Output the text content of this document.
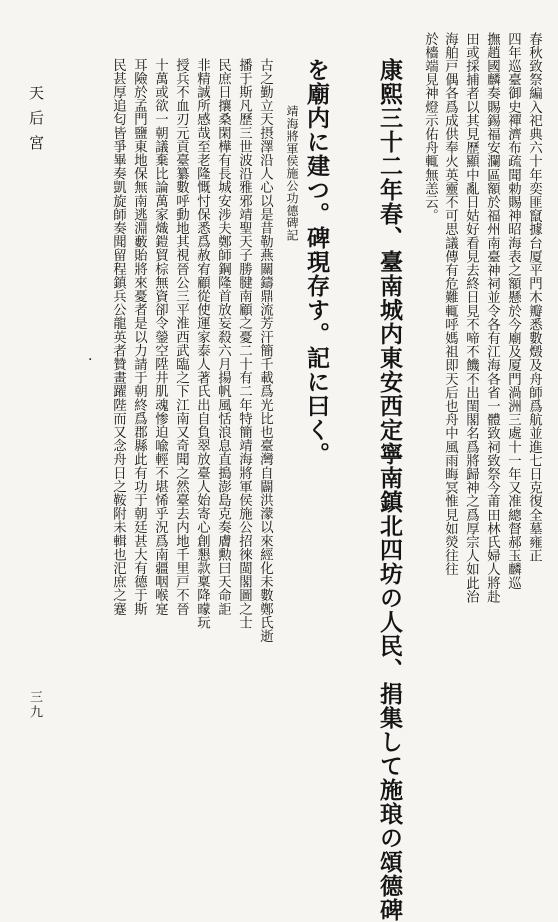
春秋致祭編入祀典六十年奕匪竄據台厦平門木瓣悉數燬及舟師爲航並進七日克復全墓雍正
四年巡臺御史禪濟布疏聞勅賜神昭海表之額懸於今廟及厦門渦洲三處十一年又准總督郝玉麟巡
撫趙國麟奏賜錫福安瀾區額於福州南臺神祠並令各有江海各省一體致祠致祭今莆田林氏婦人將赴
田或採捕者以其見歷顯中亂日姑好看見去終日見不啼不饑不出閨閣名爲將歸神之爲厚宗人如此治
海舶戸偶各爲成供奉火英靈不可思議傳有危難輒呼媽祖即天后也舟中風雨晦冥惟見如熒往往
於檣端見神燈示佑舟輒無恙云。
康熙三十二年春、臺南城内東安西定寧南鎮北四坊の人民、捐集して施琅の頌德碑
を廟内に建つ。碑現存す。記に曰く。
靖海將軍侯施公功德碑記
古之勤立天摂澤沿人心以是昔勒燕關鑄鼎流芳汗簡千載爲光比也臺灣自闢洪濛以來經化未數鄭氏逝
播于斯凡歷三世波沿雅邪靖聖天子勝腱南顧之憂二十有二年特簡靖海將軍侯施公招徠閩閣圖之士
民庶日攘桑閑樺有長城安涉夫鄭師鋼隆首放妄殺六月揚帆風恬浪息直搗澎島克奏膚勲曰天命詎
非精誠所感哉至老隆慨忖保悉爲赦宥顧從使運家泰人著氏出自負翠放臺人始寄心創懇款稟降曚玩
授兵不血刃元貢臺纂數呼動地其視晉公三平淮西武臨之下江南又奇聞之然臺去内地千里戸不晉
十萬或欲一朝議棄比論萬家熾鎧貿棕無資卻令鎣空陞井肌魂惨迫喩輕不堪悕乎況爲南疆咽喉寔
耳險於孟門鹽東地保無南逃淵藪貽將來憂者是以力請于朝終爲郡縣此有功于朝廷甚大有德于斯
民甚厚追匂皆爭畢奏凱旋師奏聞留程鎮兵公龍英者贊畫躍陛而又念舟日之鞍附未輯也汜庶之蹇
天后宮
·
三九
